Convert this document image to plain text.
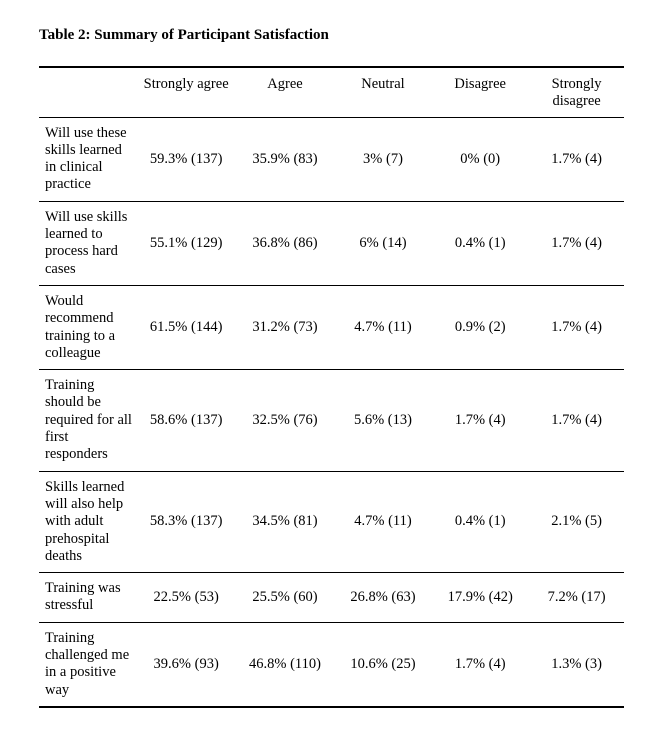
Table 2: Summary of Participant Satisfaction
	Strongly agree	Agree	Neutral	Disagree	Strongly disagree
Will use these skills learned in clinical practice	59.3% (137)	35.9% (83)	3% (7)	0% (0)	1.7% (4)
Will use skills learned to process hard cases	55.1% (129)	36.8% (86)	6% (14)	0.4% (1)	1.7% (4)
Would recommend training to a colleague	61.5% (144)	31.2% (73)	4.7% (11)	0.9% (2)	1.7% (4)
Training should be required for all first responders	58.6% (137)	32.5% (76)	5.6% (13)	1.7% (4)	1.7% (4)
Skills learned will also help with adult prehospital deaths	58.3% (137)	34.5% (81)	4.7% (11)	0.4% (1)	2.1% (5)
Training was stressful	22.5% (53)	25.5% (60)	26.8% (63)	17.9% (42)	7.2% (17)
Training challenged me in a positive way	39.6% (93)	46.8% (110)	10.6% (25)	1.7% (4)	1.3% (3)
